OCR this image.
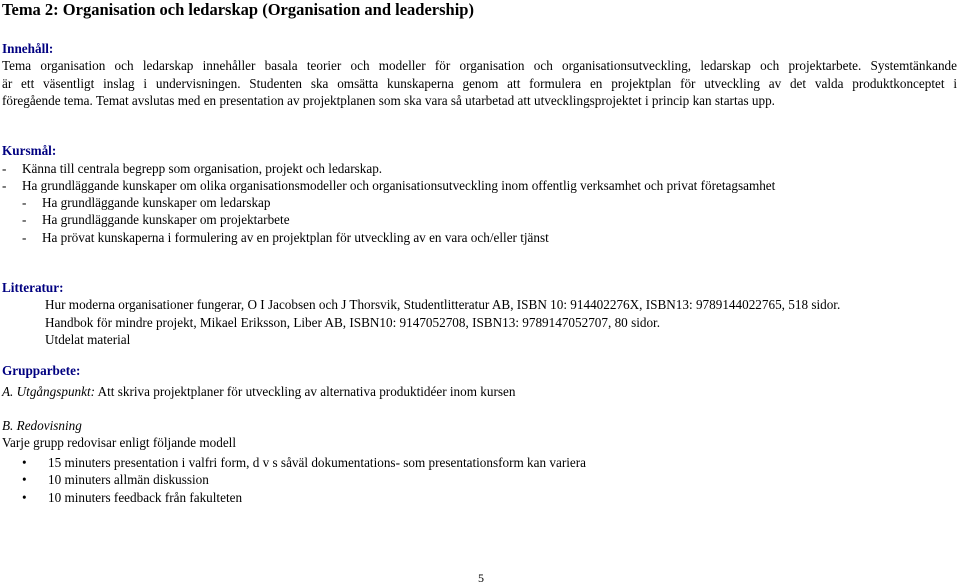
Tema 2: Organisation och ledarskap (Organisation and leadership)
Innehåll:
Tema organisation och ledarskap innehåller basala teorier och modeller för organisation och organisationsutveckling, ledarskap och projektarbete. Systemtänkande
är ett väsentligt inslag i undervisningen. Studenten ska omsätta kunskaperna genom att formulera en projektplan för utveckling av det valda produktkonceptet i
föregående tema. Temat avslutas med en presentation av projektplanen som ska vara så utarbetad att utvecklingsprojektet i princip kan startas upp.
Kursmål:
- Känna till centrala begrepp som organisation, projekt och ledarskap.
- Ha grundläggande kunskaper om olika organisationsmodeller och organisationsutveckling inom offentlig verksamhet och privat företagsamhet
- Ha grundläggande kunskaper om ledarskap
- Ha grundläggande kunskaper om projektarbete
- Ha prövat kunskaperna i formulering av en projektplan för utveckling av en vara och/eller tjänst
Litteratur:
Hur moderna organisationer fungerar, O I Jacobsen och J Thorsvik, Studentlitteratur AB, ISBN 10: 914402276X, ISBN13: 9789144022765, 518 sidor.
Handbok för mindre projekt, Mikael Eriksson, Liber AB, ISBN10: 9147052708, ISBN13: 9789147052707, 80 sidor.
Utdelat material
Grupparbete:
A. Utgångspunkt: Att skriva projektplaner för utveckling av alternativa produktidéer inom kursen
B. Redovisning
Varje grupp redovisar enligt följande modell
• 15 minuters presentation i valfri form, d v s såväl dokumentations- som presentationsform kan variera
• 10 minuters allmän diskussion
• 10 minuters feedback från fakulteten
5
